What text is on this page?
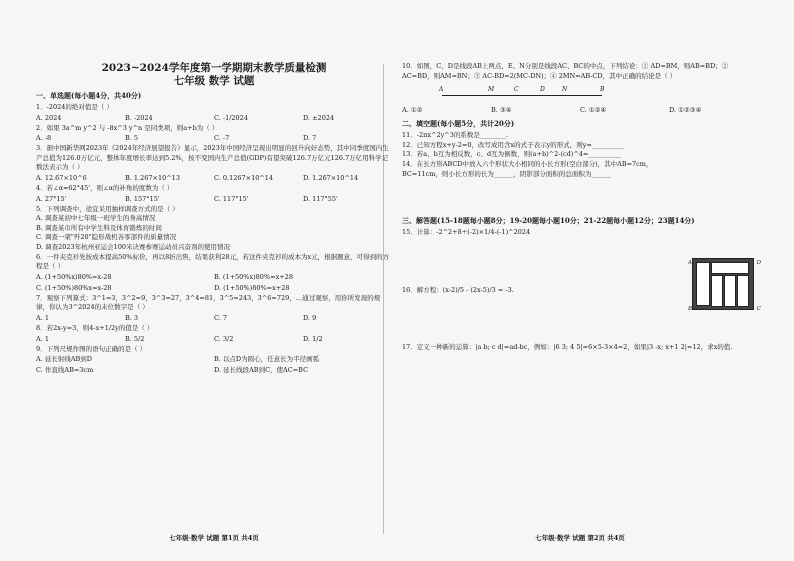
2023~2024学年度第一学期期末教学质量检测
七年级 数学 试题
一、单选题(每小题4分，共40分)
1．-2024的绝对值是（ ）
A. 2024	B. -2024	C. -1/2024	D. ±2024
2．如果 3a^m y^2 与 -8x^3 y^n 是同类项，则a+b为（ ）
A. -8	B. 5	C. -7	D. 7
3．据中国新华网2023年《2024年经济展望报告》显示，2023年中国经济呈现出明显的回升向好态势，其中同季度国内生产总值为126.0万亿元，整体年度增长率达到5.2%，按不变国内生产总值(GDP)有望突破126.7万亿元126.7万亿用科学记数法表示为（ ）
A. 12.67×10^6	B. 1.267×10^13	C. 0.1267×10^14	D. 1.267×10^14
4．若∠α=62°45'，则∠α的补角的度数为（ ）
A. 27°15'	B. 157°15'	C. 117°15'	D. 117°55'
5．下列调查中，适宜采用抽样调查方式的是（ ）
A. 调查某初中七年级一班学生的身高情况
B. 调查某市所有中学生科及体育锻炼的时间
C. 调查一架"歼20"隐形战机各零部件的质量情况
D. 调查2023年杭州亚运会100米决赛参赛运动员兴奋剂的使用情况
6．一件夹克衫先按成本提高50%标价，再以8折出售，结果获利28元，若这件夹克衫的成本为x元，根据题意，可得到的方程是（ ）
A. (1+50%x)80%=x-28	B. (1+50%x)80%=x+28
C. (1+50%)80%x=x-28	D. (1+50%)80%=x+28
7．观察下列算式：3^1=3，3^2=9，3^3=27，3^4=81，3^5=243，3^6=729，…通过观察，用你所发现的规律，你认为3^2024的末位数字是（ ）
A. 1	B. 3	C. 7	D. 9
8．若2x-y=3，则4-x+1/2y的值是（ ）
A. 1	B. 5/2	C. 3/2	D. 1/2
9．下列尺规作图的语句正确的是（ ）
A. 延长射线AB到D	B. 以点D为圆心，任意长为半径画弧
C. 作直线AB=3cm	D. 延长线段AB到C，使AC=BC
七年级·数学 试题 第1页 共4页
10．如图，C、D是线段AB上两点，E、N分别是线段AC、BC的中点，下列结论：① AD=BM，则AB=BD；② AC=BD，则AM=BN；③ AC-BD=2(MC-DN)；④ 2MN=AB-CD，其中正确的结论是（ ）
A	M	C	D	N	B
A. ①②	B. ③④	C. ①②④	D. ①②③④
二、填空题(每小题5分，共计20分)
11．-2πx^2y^3的系数是________.
12．已知方程x+y-2=0，改写成用含x的式子表示y的形式，则y=__________
13．若a、b互为相反数，c、d互为倒数，则(a+b)^2-(cd)^4=__________
14．在长方形ABCD中放入六个形状大小相同的小长方形(空白部分)，其中AB=7cm，BC=11cm，则小长方形的长为______，阴影部分面积的总面积为______
A	D
B	C
三、解答题(15-18题每小题8分；19-20题每小题10分；21-22题每小题12分；23题14分)
15．计算：-2^2+8÷(-2)×1/4-(-1)^2024
16．解方程：(x-2)/5 - (2x-5)/3 = -3.
17．定义一种新的运算：|a b; c d|=ad-bc，例如：|6 3; 4 5|=6×5-3×4=2，如果|3 -x; x+1 2|=12，求x的值.
七年级·数学 试题 第2页 共4页
